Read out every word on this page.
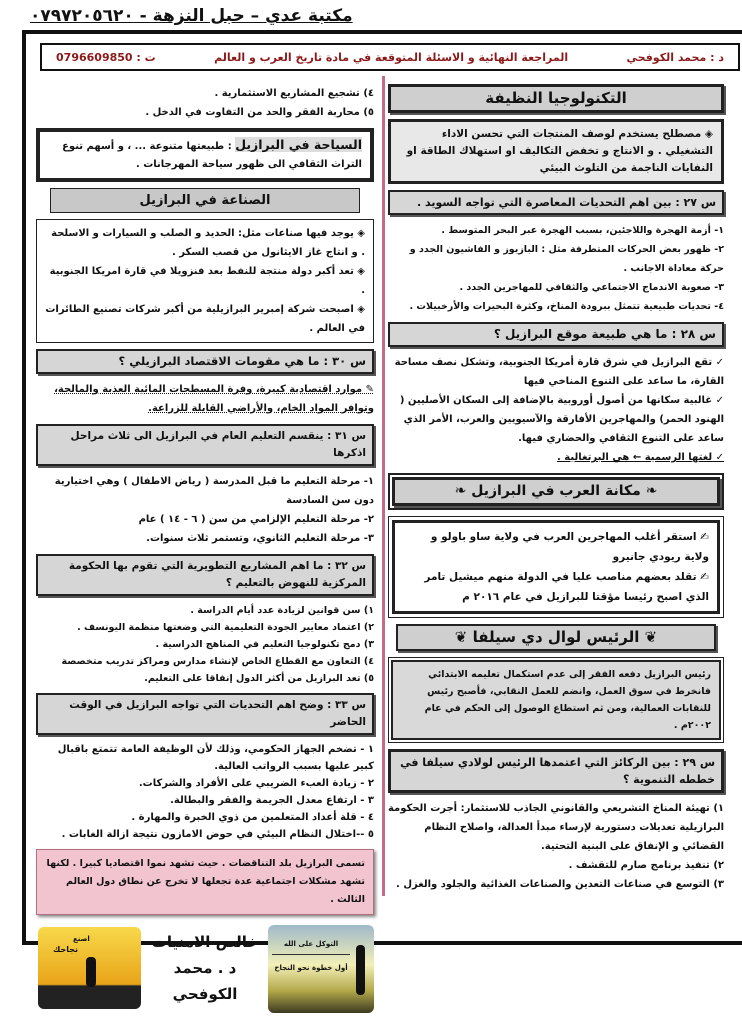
مكتبة عدي – حبل النزهة - ٠٧٩٧٢٠٥٦٢٠
د : محمد الكوفحي
المراجعة النهائية و الاسئلة المتوقعة في مادة تاريخ العرب و العالم
ت : 0796609850
التكنولوجيا النظيفة
◈ مصطلح يستخدم لوصف المنتجات التي تحسن الاداء التشغيلي . و الانتاج و تخفض التكاليف او استهلاك الطاقة او النفايات الناجمة من التلوث البيئي
س ٢٧ : بين اهم التحديات المعاصرة التي تواجه السويد .
١- أزمة الهجرة واللاجئين، بسبب الهجرة عبر البحر المتوسط .
٢- ظهور بعض الحركات المتطرفة مثل : البازيوز و الفاشيون الجدد و حركة معاداة الاجانب .
٣- صعوبة الاندماج الاجتماعي والثقافي للمهاجرين الجدد .
٤- تحديات طبيعية تتمثل ببرودة المناخ، وكثرة البحيرات والأرخبيلات .
س ٢٨ : ما هي طبيعة موقع البرازيل ؟
✓ تقع البرازيل في شرق قارة أمريكا الجنوبية، وتشكل نصف مساحة القارة، ما ساعد على التنوع المناخي فيها
✓ غالبية سكانها من أصول أوروبية بالإضافة إلى السكان الأصليين ( الهنود الحمر) والمهاجرين الأفارقة والآسيويين والعرب، الأمر الذي ساعد على التنوع الثقافي والحضاري فيها.
✓ لغتها الرسمية ← هي البرتغالية .
❧ مكانة العرب في البرازيل ❧
✍ استقر أغلب المهاجرين العرب في ولاية ساو باولو و ولاية ريودي جانيرو
✍ تقلد بعضهم مناصب عليا في الدولة منهم ميشيل تامر الذي اصبح رئيسا مؤقتا للبرازيل في عام ٢٠١٦ م
❦ الرئيس لوال دي سيلفا ❦
رئيس البرازيل دفعه الفقر إلى عدم استكمال تعليمه الابتدائي فانخرط في سوق العمل، وانضم للعمل النقابي، فأصبح رئيس للنقابات العمالية، ومن ثم استطاع الوصول إلى الحكم في عام ٢٠٠٢م .
س ٢٩ : بين الركائز التي اعتمدها الرئيس لولادي سيلفا في خططه التنموية ؟
١) تهيئة المناخ التشريعي والقانوني الجاذب للاستثمار: أجرت الحكومة البرازيلية تعديلات دستورية لإرساء مبدأ العدالة، واصلاح النظام القضائي و الإنفاق على البنية التحتية.
٢) تنفيذ برنامج صارم للتقشف .
٣) التوسع في صناعات التعدين والصناعات الغذائية والجلود والغزل .
٤) تشجيع المشاريع الاستثمارية .
٥) محاربة الفقر والحد من التفاوت في الدخل .
السياحة في البرازيل : طبيعتها متنوعة ... ، و أسهم تنوع التراث الثقافي الى ظهور سياحة المهرجانات .
الصناعة في البرازيل
◈ يوجد فيها صناعات مثل: الحديد و الصلب و السيارات و الاسلحة . و انتاج غاز الايثانول من قصب السكر .
◈ تعد أكبر دولة منتجة للنفط بعد فنزويلا في قارة امريكا الجنوبية .
◈ اصبحت شركة إمبرير البرازيلية من أكبر شركات تصنيع الطائرات في العالم .
س ٣٠ : ما هي مقومات الاقتصاد البرازيلي ؟
✎ موارد اقتصادية كبيرة، وفرة المسطحات المائية العذبة والمالحة، وتوافر المواد الخام، والأراضي القابلة للزراعة.
س ٣١ : ينقسم التعليم العام في البرازيل الى ثلاث مراحل اذكرها
١- مرحلة التعليم ما قبل المدرسة ( رياض الاطفال ) وهي اختيارية دون سن السادسة
٢- مرحلة التعليم الإلزامي من سن ( ٦ - ١٤ ) عام
٣- مرحلة التعليم الثانوي، وتستمر ثلاث سنوات.
س ٣٢ : ما اهم المشاريع التطويرية التي تقوم بها الحكومة المركزية للنهوض بالتعليم ؟
١) سن قوانين لزيادة عدد أيام الدراسة .
٢) اعتماد معايير الجودة التعليمية التي وضعتها منظمة اليونسف .
٣) دمج تكنولوجيا التعليم في المناهج الدراسية .
٤) التعاون مع القطاع الخاص لإنشاء مدارس ومراكز تدريب متخصصة
٥) تعد البرازيل من أكثر الدول إنفاقا على التعليم.
س ٣٣ : وضح اهم التحديات التي تواجه البرازيل في الوقت الحاضر
١ - تضخم الجهاز الحكومي، وذلك لأن الوظيفة العامة تتمتع باقبال كبير عليها بسبب الرواتب العالية.
٢ - زيادة العبء الضريبي على الأفراد والشركات.
٣ - ارتفاع معدل الجريمة والفقر والبطالة.
٤ - قلة أعداد المتعلمين من ذوي الخبرة والمهارة .
٥ --اختلال النظام البيئي في حوض الامازون نتيجة ازالة الغابات .
تسمى البرازيل بلد التناقضات . حيث تشهد نموا اقتصاديا كبيرا . لكنها تشهد مشكلات اجتماعية عدة تجعلها لا تخرج عن نطاق دول العالم الثالث .
اصنع
نجاحك	خالص الامنيات
د . محمد الكوفحي
التوكل على الله
أول خطوة نحو النجاح
